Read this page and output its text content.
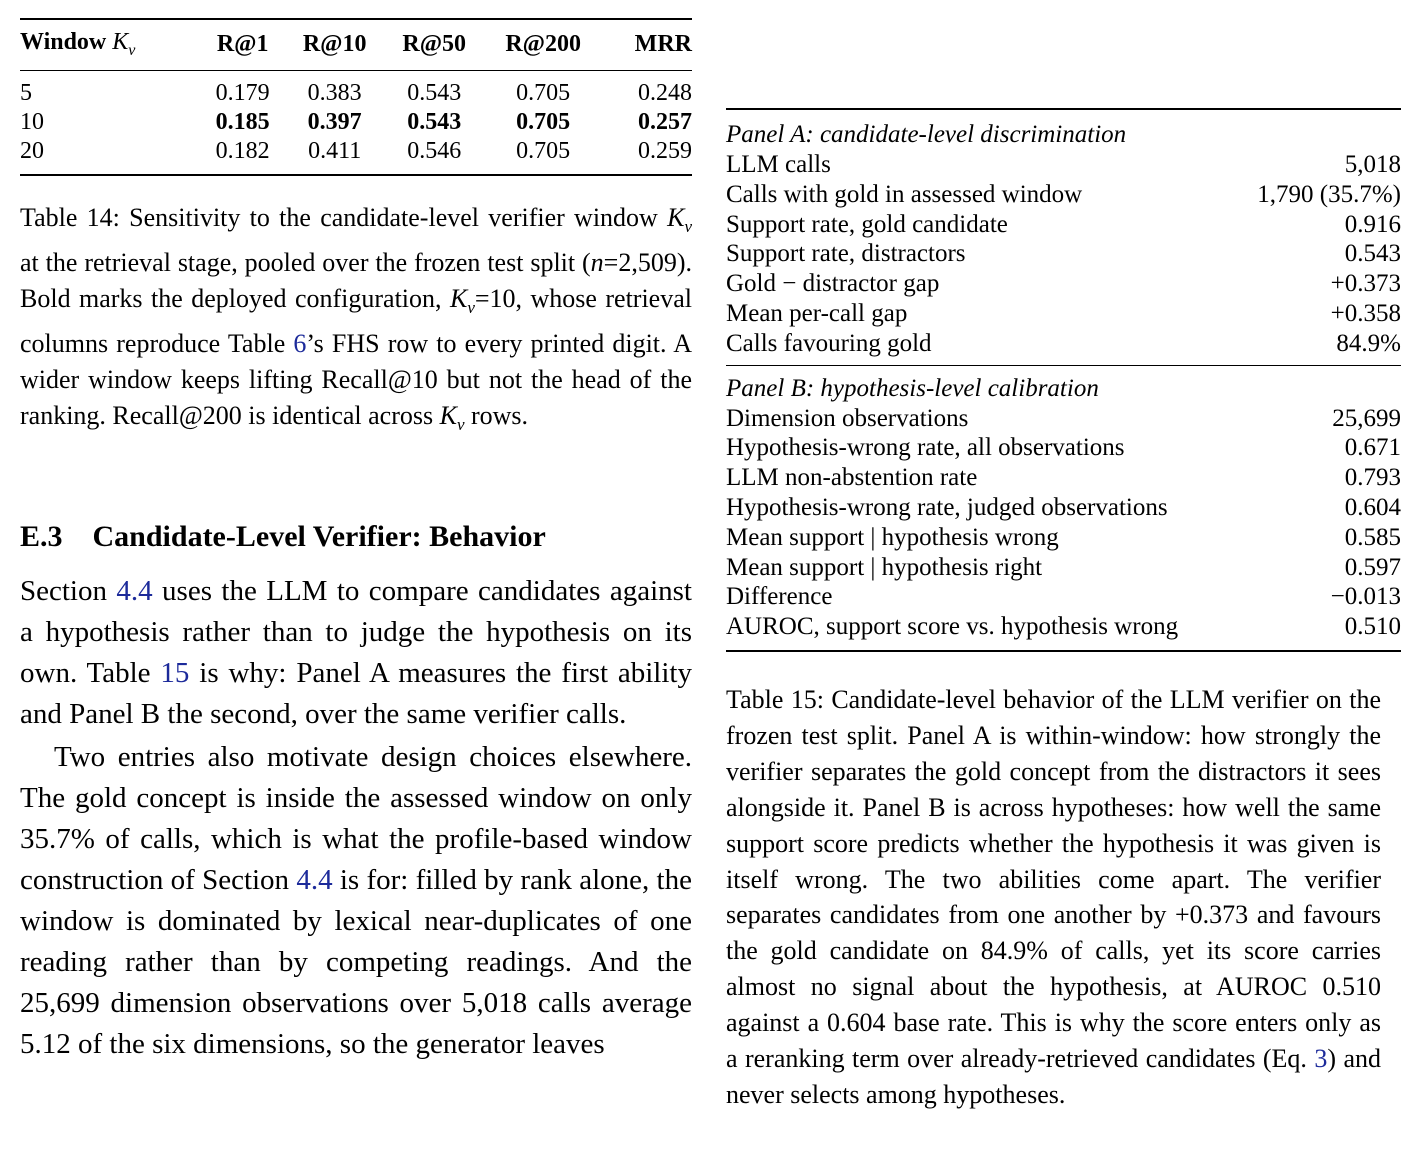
Window $K_v$	R@1	R@10	R@50	R@200	MRR
5	0.179	0.383	0.543	0.705	0.248
10	0.185	0.397	0.543	0.705	0.257
20	0.182	0.411	0.546	0.705	0.259
Table 14: Sensitivity to the candidate-level verifier window $K_v$ at the retrieval stage, pooled over the frozen test split (n=2,509). Bold marks the deployed configuration, $K_v=10$, whose retrieval columns reproduce Table 6’s FHS row to every printed digit. A wider window keeps lifting Recall@10 but not the head of the ranking. Recall@200 is identical across $K_v$ rows.
E.3 Candidate-Level Verifier: Behavior

Section 4.4 uses the LLM to compare candidates against a hypothesis rather than to judge the hypothesis on its own. Table 15 is why: Panel A measures the first ability and Panel B the second, over the same verifier calls.

Two entries also motivate design choices elsewhere. The gold concept is inside the assessed window on only 35.7% of calls, which is what the profile-based window construction of Section 4.4 is for: filled by rank alone, the window is dominated by lexical near-duplicates of one reading rather than by competing readings. And the 25,699 dimension observations over 5,018 calls average 5.12 of the six dimensions, so the generator leaves

Panel A: candidate-level discrimination
LLM calls	5,018
Calls with gold in assessed window	1,790 (35.7%)
Support rate, gold candidate	0.916
Support rate, distractors	0.543
Gold − distractor gap	+0.373
Mean per-call gap	+0.358
Calls favouring gold	84.9%
Panel B: hypothesis-level calibration
Dimension observations	25,699
Hypothesis-wrong rate, all observations	0.671
LLM non-abstention rate	0.793
Hypothesis-wrong rate, judged observations	0.604
Mean support | hypothesis wrong	0.585
Mean support | hypothesis right	0.597
Difference	−0.013
AUROC, support score vs. hypothesis wrong	0.510
Table 15: Candidate-level behavior of the LLM verifier on the frozen test split. Panel A is within-window: how strongly the verifier separates the gold concept from the distractors it sees alongside it. Panel B is across hypotheses: how well the same support score predicts whether the hypothesis it was given is itself wrong. The two abilities come apart. The verifier separates candidates from one another by +0.373 and favours the gold candidate on 84.9% of calls, yet its score carries almost no signal about the hypothesis, at AUROC 0.510 against a 0.604 base rate. This is why the score enters only as a reranking term over already-retrieved candidates (Eq. 3) and never selects among hypotheses.
